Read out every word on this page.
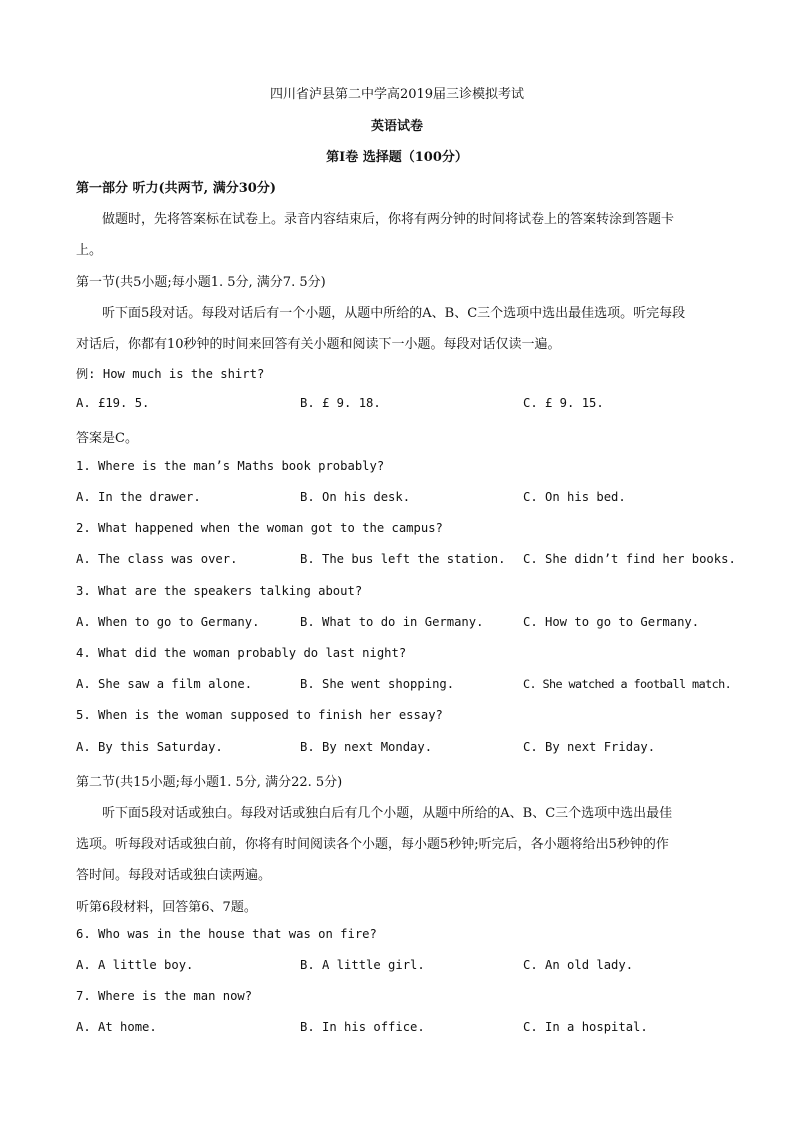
四川省泸县第二中学高2019届三诊模拟考试
英语试卷
第Ⅰ卷 选择题（100分）
第一部分 听力(共两节, 满分30分)
做题时，先将答案标在试卷上。录音内容结束后，你将有两分钟的时间将试卷上的答案转涂到答题卡
上。
第一节(共5小题;每小题1. 5分, 满分7. 5分)
听下面5段对话。每段对话后有一个小题，从题中所给的A、B、C三个选项中选出最佳选项。听完每段
对话后，你都有10秒钟的时间来回答有关小题和阅读下一小题。每段对话仅读一遍。
例: How much is the shirt?
A. £19. 5.	B. £ 9. 18.	C. £ 9. 15.
答案是C。
1. Where is the man’s Maths book probably?
A. In the drawer.	B. On his desk.	C. On his bed.
2. What happened when the woman got to the campus?
A. The class was over.	B. The bus left the station. C. She didn’t find her books.
3. What are the speakers talking about?
A. When to go to Germany.	B. What to do in Germany.	C. How to go to Germany.
4. What did the woman probably do last night?
A. She saw a film alone.	B. She went shopping.	C. She watched a football match.
5. When is the woman supposed to finish her essay?
A. By this Saturday.	B. By next Monday.	C. By next Friday.
第二节(共15小题;每小题1. 5分, 满分22. 5分)
听下面5段对话或独白。每段对话或独白后有几个小题，从题中所给的A、B、C三个选项中选出最佳
选项。听每段对话或独白前，你将有时间阅读各个小题，每小题5秒钟;听完后，各小题将给出5秒钟的作
答时间。每段对话或独白读两遍。
听第6段材料，回答第6、7题。
6. Who was in the house that was on fire?
A. A little boy.	B. A little girl.	C. An old lady.
7. Where is the man now?
A. At home.	B. In his office.	C. In a hospital.
